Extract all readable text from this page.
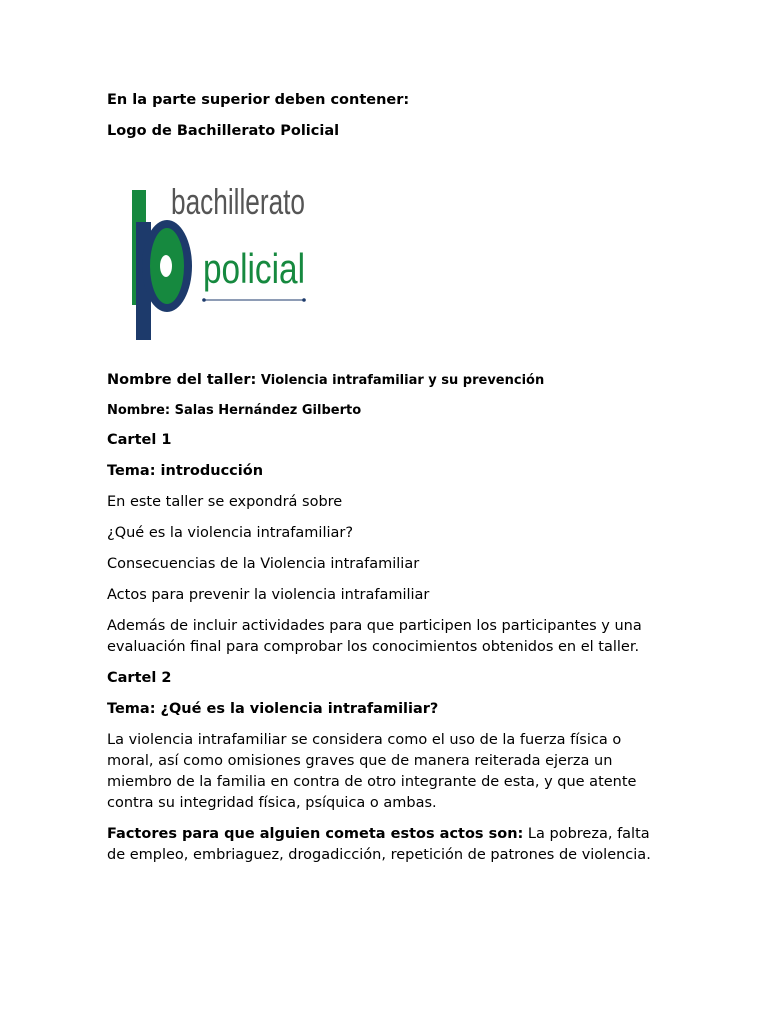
En la parte superior deben contener:

Logo de Bachillerato Policial

bachillerato
policial

Nombre del taller: Violencia intrafamiliar y su prevención

Nombre: Salas Hernández Gilberto

Cartel 1

Tema: introducción

En este taller se expondrá sobre

¿Qué es la violencia intrafamiliar?

Consecuencias de la Violencia intrafamiliar

Actos para prevenir la violencia intrafamiliar

Además de incluir actividades para que participen los participantes y una evaluación final para comprobar los conocimientos obtenidos en el taller.

Cartel 2

Tema: ¿Qué es la violencia intrafamiliar?

La violencia intrafamiliar se considera como el uso de la fuerza física o moral, así como omisiones graves que de manera reiterada ejerza un miembro de la familia en contra de otro integrante de esta, y que atente contra su integridad física, psíquica o ambas.

Factores para que alguien cometa estos actos son: La pobreza, falta de empleo, embriaguez, drogadicción, repetición de patrones de violencia.
